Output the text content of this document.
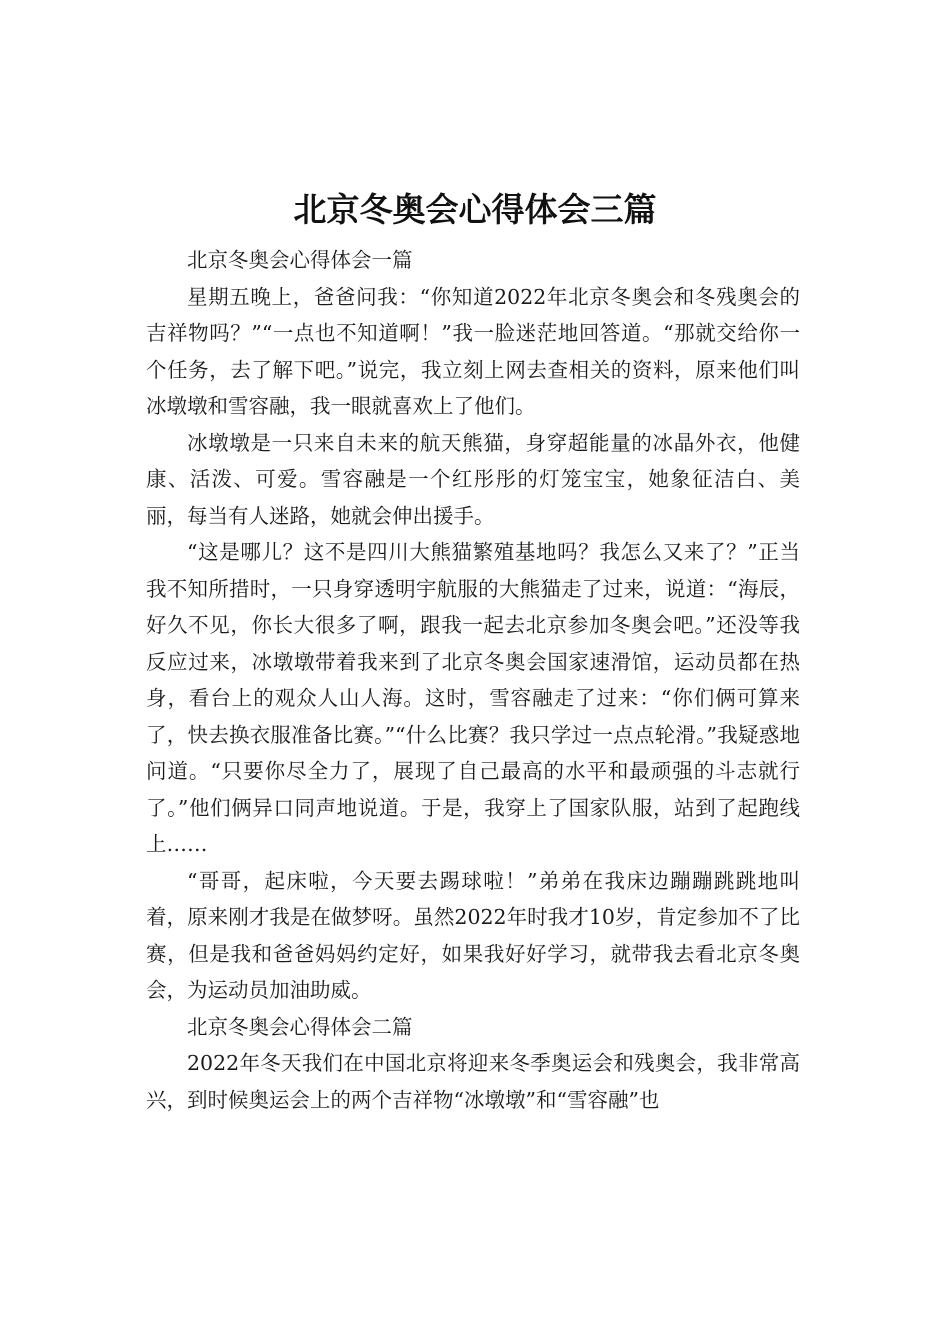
北京冬奥会心得体会三篇

北京冬奥会心得体会一篇

星期五晚上，爸爸问我：“你知道2022年北京冬奥会和冬残奥会的吉祥物吗？”“一点也不知道啊！”我一脸迷茫地回答道。“那就交给你一个任务，去了解下吧。”说完，我立刻上网去查相关的资料，原来他们叫冰墩墩和雪容融，我一眼就喜欢上了他们。

冰墩墩是一只来自未来的航天熊猫，身穿超能量的冰晶外衣，他健康、活泼、可爱。雪容融是一个红彤彤的灯笼宝宝，她象征洁白、美丽，每当有人迷路，她就会伸出援手。

“这是哪儿？这不是四川大熊猫繁殖基地吗？我怎么又来了？”正当我不知所措时，一只身穿透明宇航服的大熊猫走了过来，说道：“海辰，好久不见，你长大很多了啊，跟我一起去北京参加冬奥会吧。”还没等我反应过来，冰墩墩带着我来到了北京冬奥会国家速滑馆，运动员都在热身，看台上的观众人山人海。这时，雪容融走了过来：“你们俩可算来了，快去换衣服准备比赛。”“什么比赛？我只学过一点点轮滑。”我疑惑地问道。“只要你尽全力了，展现了自己最高的水平和最顽强的斗志就行了。”他们俩异口同声地说道。于是，我穿上了国家队服，站到了起跑线上……

“哥哥，起床啦，今天要去踢球啦！”弟弟在我床边蹦蹦跳跳地叫着，原来刚才我是在做梦呀。虽然2022年时我才10岁，肯定参加不了比赛，但是我和爸爸妈妈约定好，如果我好好学习，就带我去看北京冬奥会，为运动员加油助威。

北京冬奥会心得体会二篇

2022年冬天我们在中国北京将迎来冬季奥运会和残奥会，我非常高兴，到时候奥运会上的两个吉祥物“冰墩墩”和“雪容融”也
